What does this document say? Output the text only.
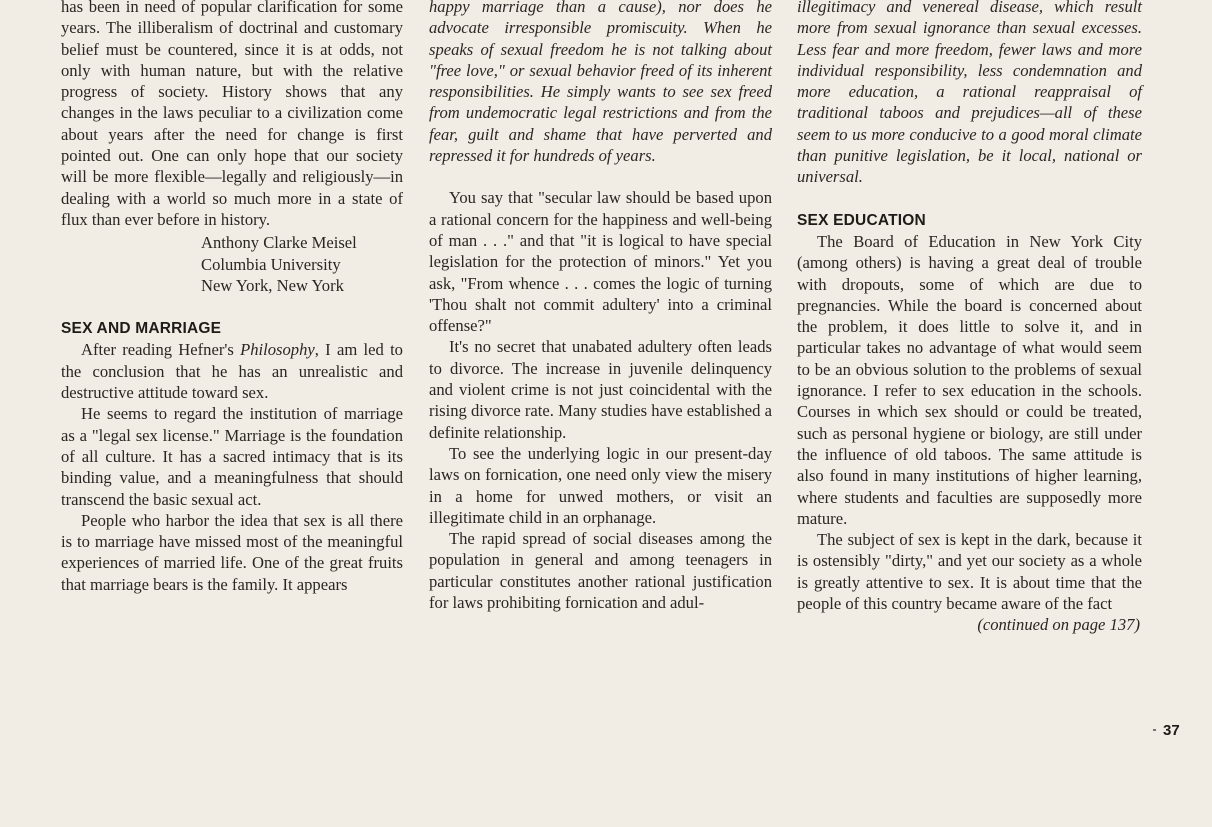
has been in need of popular clarification for some years. The illiberalism of doctrinal and customary belief must be countered, since it is at odds, not only with human nature, but with the relative progress of society. History shows that any changes in the laws peculiar to a civilization come about years after the need for change is first pointed out. One can only hope that our society will be more flexible—legally and religiously—in dealing with a world so much more in a state of flux than ever before in history.

Anthony Clarke Meisel
Columbia University
New York, New York

SEX AND MARRIAGE

After reading Hefner's Philosophy, I am led to the conclusion that he has an unrealistic and destructive attitude toward sex.

He seems to regard the institution of marriage as a "legal sex license." Marriage is the foundation of all culture. It has a sacred intimacy that is its binding value, and a meaningfulness that should transcend the basic sexual act.

People who harbor the idea that sex is all there is to marriage have missed most of the meaningful experiences of married life. One of the great fruits that marriage bears is the family. It appears

happy marriage than a cause), nor does he advocate irresponsible promiscuity. When he speaks of sexual freedom he is not talking about "free love," or sexual behavior freed of its inherent responsibilities. He simply wants to see sex freed from undemocratic legal restrictions and from the fear, guilt and shame that have perverted and repressed it for hundreds of years.

You say that "secular law should be based upon a rational concern for the happiness and well-being of man . . ." and that "it is logical to have special legislation for the protection of minors." Yet you ask, "From whence . . . comes the logic of turning 'Thou shalt not commit adultery' into a criminal offense?"

It's no secret that unabated adultery often leads to divorce. The increase in juvenile delinquency and violent crime is not just coincidental with the rising divorce rate. Many studies have established a definite relationship.

To see the underlying logic in our present-day laws on fornication, one need only view the misery in a home for unwed mothers, or visit an illegitimate child in an orphanage.

The rapid spread of social diseases among the population in general and among teenagers in particular constitutes another rational justification for laws prohibiting fornication and adul-

illegitimacy and venereal disease, which result more from sexual ignorance than sexual excesses. Less fear and more freedom, fewer laws and more individual responsibility, less condemnation and more education, a rational reappraisal of traditional taboos and prejudices—all of these seem to us more conducive to a good moral climate than punitive legislation, be it local, national or universal.

SEX EDUCATION

The Board of Education in New York City (among others) is having a great deal of trouble with dropouts, some of which are due to pregnancies. While the board is concerned about the problem, it does little to solve it, and in particular takes no advantage of what would seem to be an obvious solution to the problems of sexual ignorance. I refer to sex education in the schools. Courses in which sex should or could be treated, such as personal hygiene or biology, are still under the influence of old taboos. The same attitude is also found in many institutions of higher learning, where students and faculties are supposedly more mature.

The subject of sex is kept in the dark, because it is ostensibly "dirty," and yet our society as a whole is greatly attentive to sex. It is about time that the people of this country became aware of the fact

(continued on page 137)

37
